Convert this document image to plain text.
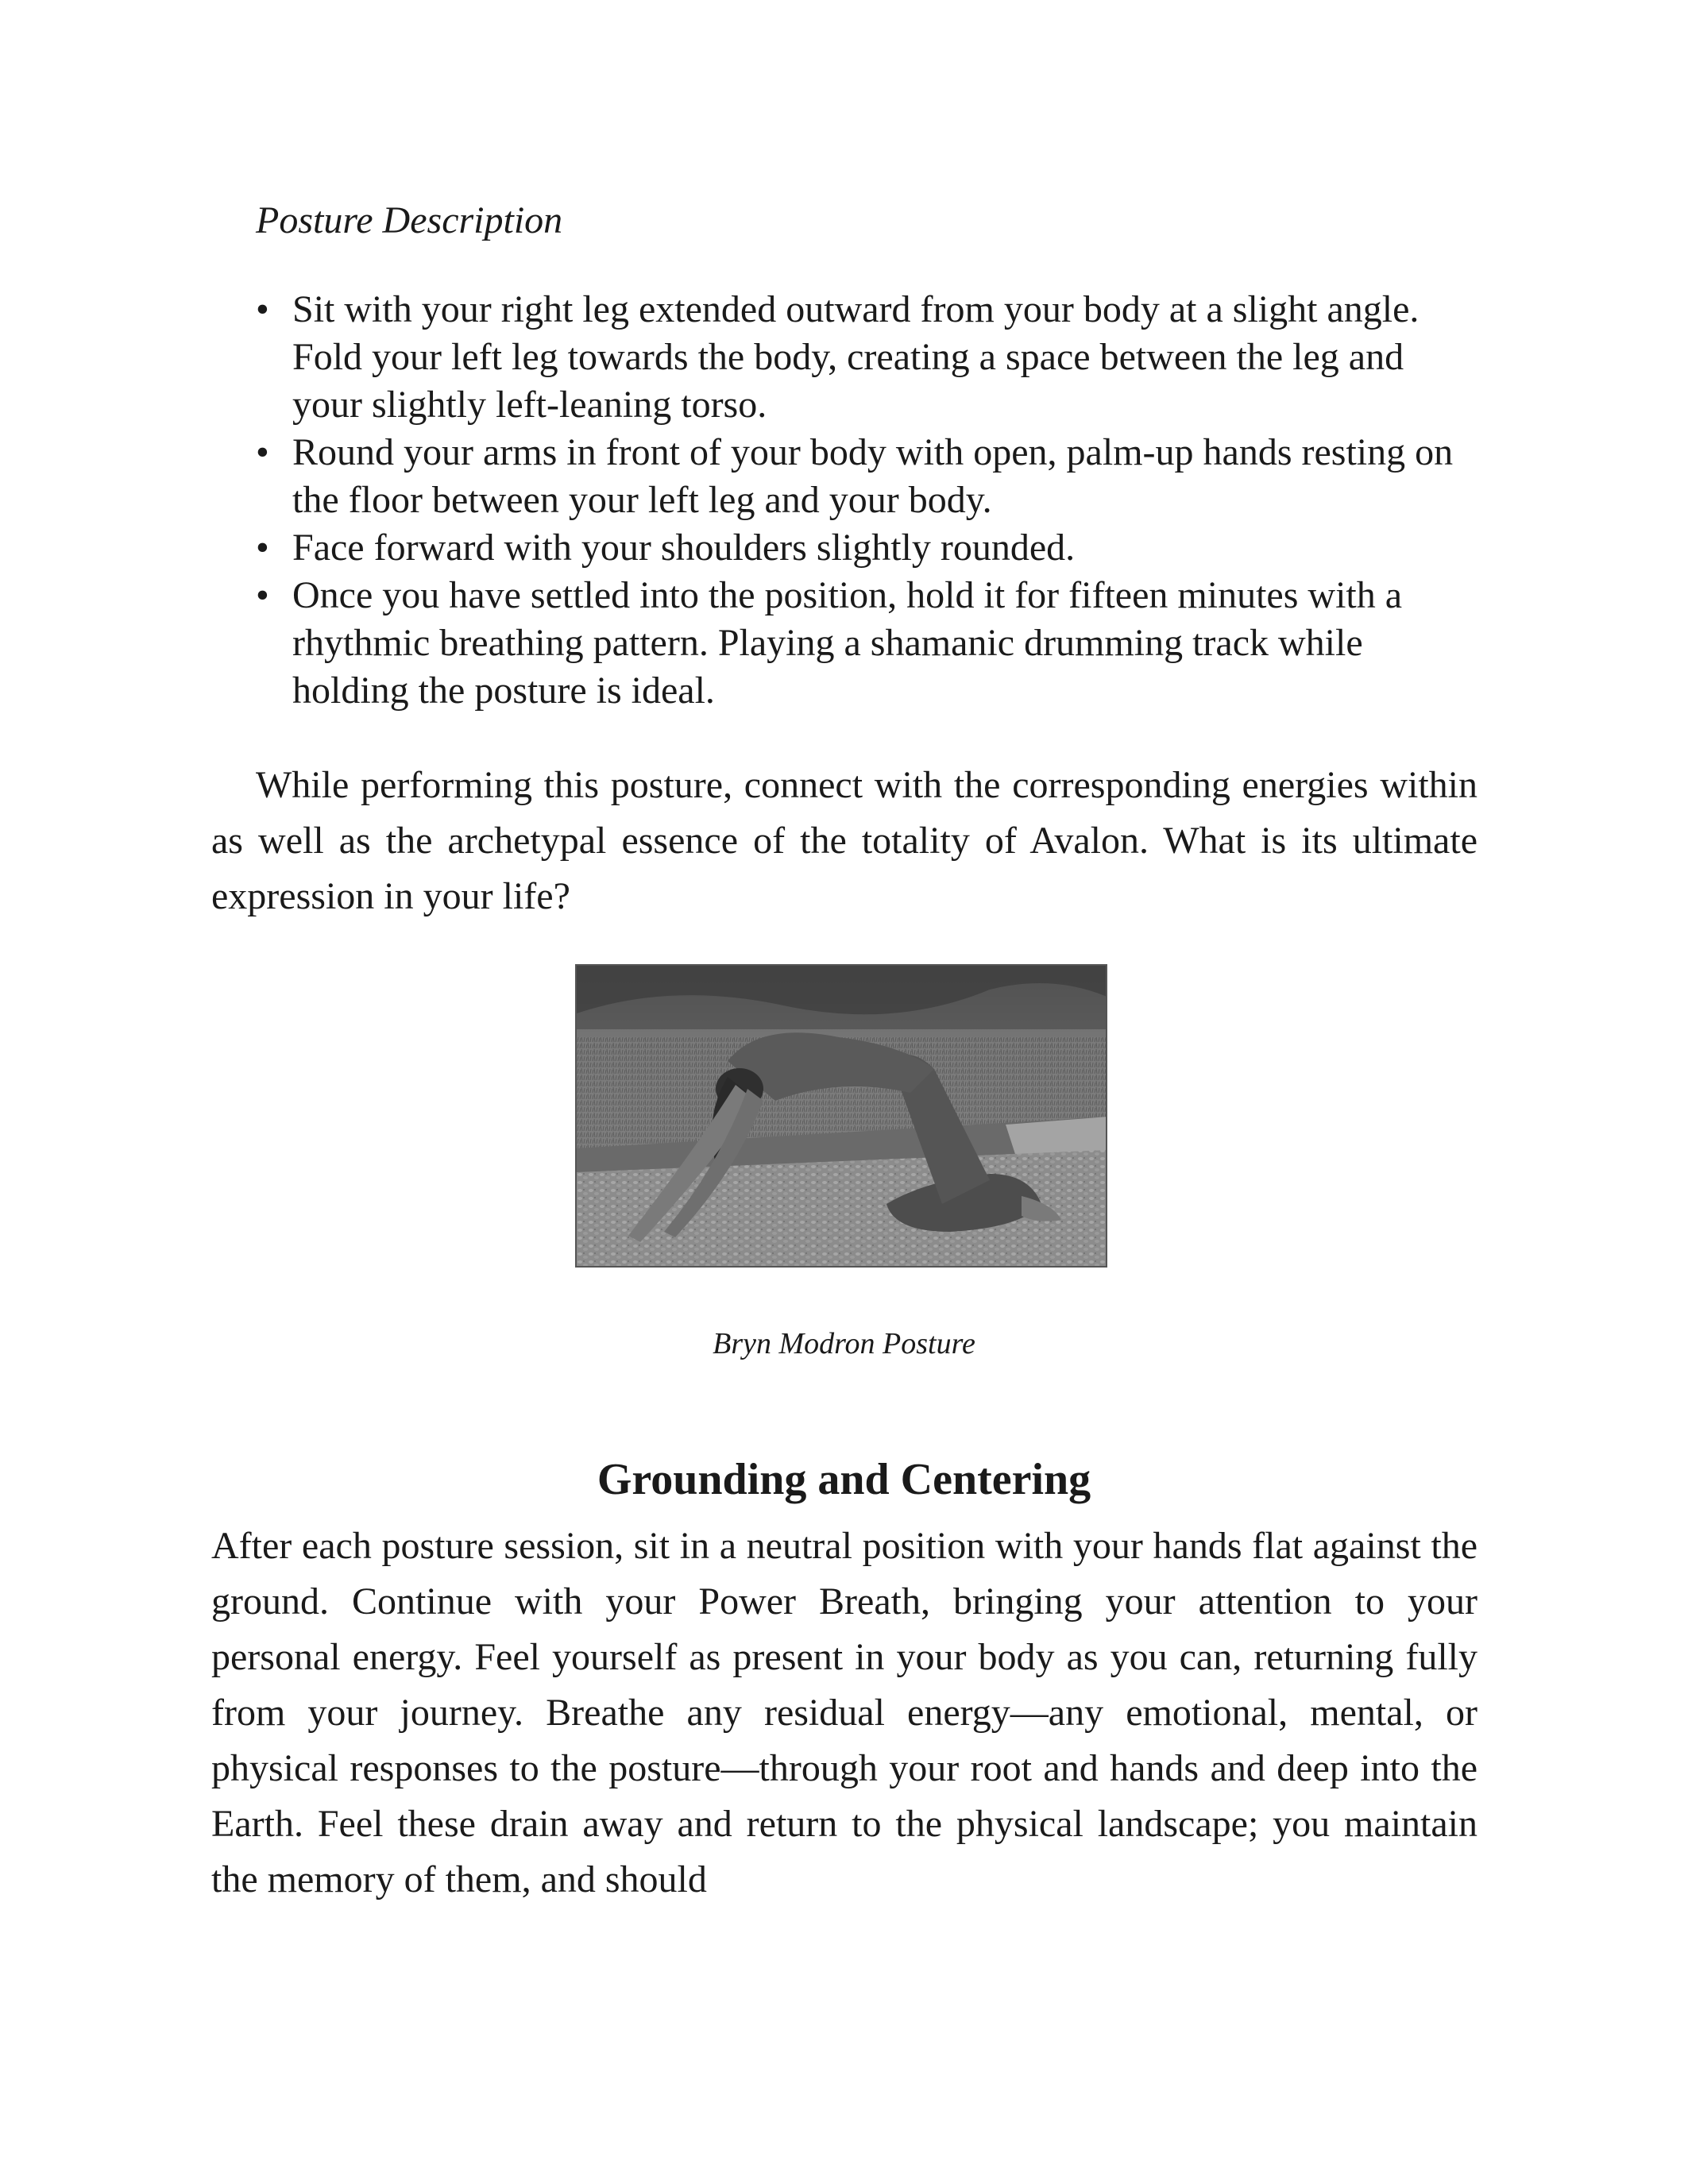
Posture Description

• Sit with your right leg extended outward from your body at a slight angle. Fold your left leg towards the body, creating a space between the leg and your slightly left-leaning torso.
• Round your arms in front of your body with open, palm-up hands resting on the floor between your left leg and your body.
• Face forward with your shoulders slightly rounded.
• Once you have settled into the position, hold it for fifteen minutes with a rhythmic breathing pattern. Playing a shamanic drumming track while holding the posture is ideal.

While performing this posture, connect with the corresponding energies within as well as the archetypal essence of the totality of Avalon. What is its ultimate expression in your life?

Bryn Modron Posture

Grounding and Centering

After each posture session, sit in a neutral position with your hands flat against the ground. Continue with your Power Breath, bringing your attention to your personal energy. Feel yourself as present in your body as you can, returning fully from your journey. Breathe any residual energy—any emotional, mental, or physical responses to the posture—through your root and hands and deep into the Earth. Feel these drain away and return to the physical landscape; you maintain the memory of them, and should
